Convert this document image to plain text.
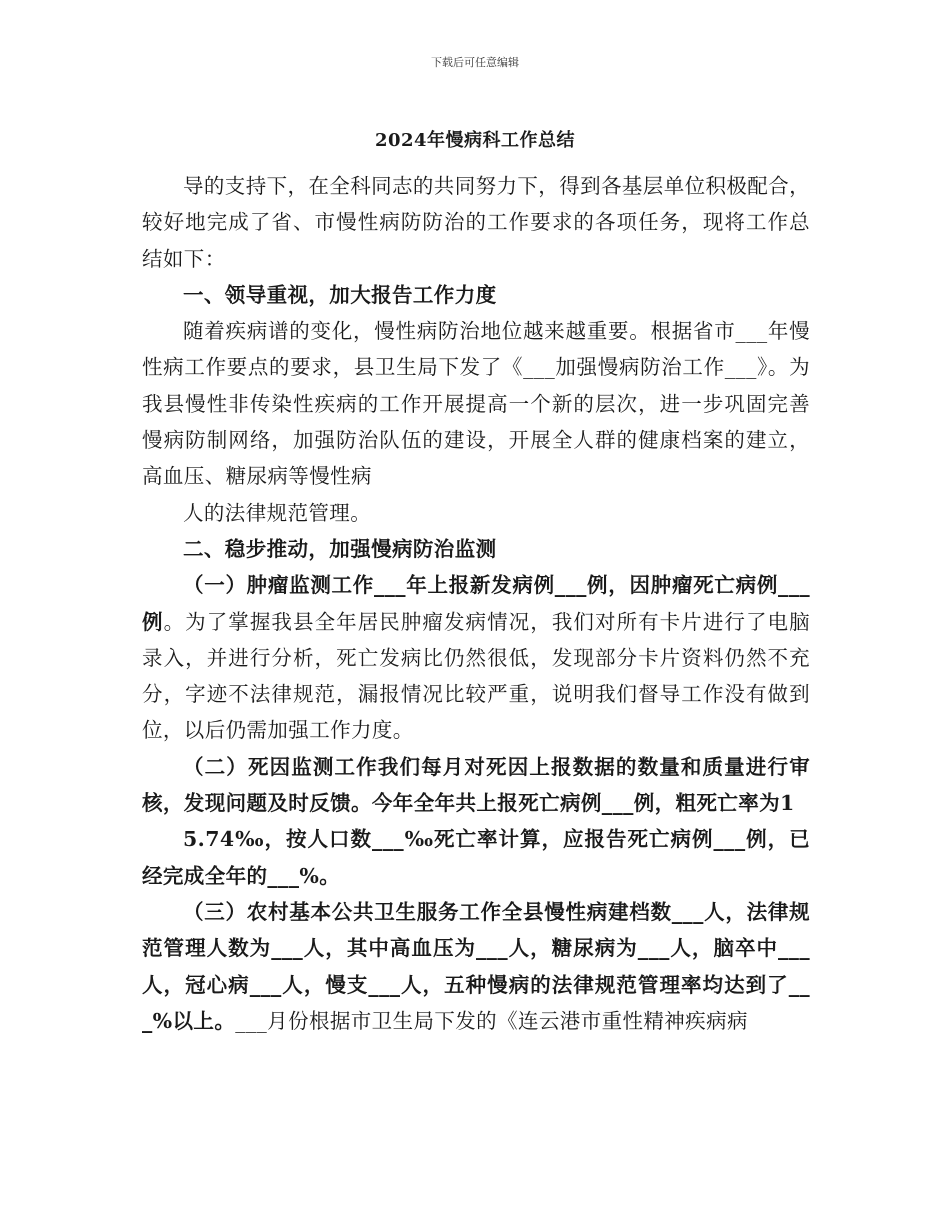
下载后可任意编辑
2024年慢病科工作总结

导的支持下，在全科同志的共同努力下，得到各基层单位积极配合，较好地完成了省、市慢性病防防治的工作要求的各项任务，现将工作总结如下：

一、领导重视，加大报告工作力度

随着疾病谱的变化，慢性病防治地位越来越重要。根据省市___年慢性病工作要点的要求，县卫生局下发了《___加强慢病防治工作___》。为我县慢性非传染性疾病的工作开展提高一个新的层次，进一步巩固完善慢病防制网络，加强防治队伍的建设，开展全人群的健康档案的建立，高血压、糖尿病等慢性病

人的法律规范管理。

二、稳步推动，加强慢病防治监测

（一）肿瘤监测工作___年上报新发病例___例，因肿瘤死亡病例___例。为了掌握我县全年居民肿瘤发病情况，我们对所有卡片进行了电脑录入，并进行分析，死亡发病比仍然很低，发现部分卡片资料仍然不充分，字迹不法律规范，漏报情况比较严重，说明我们督导工作没有做到位，以后仍需加强工作力度。

（二）死因监测工作我们每月对死因上报数据的数量和质量进行审核，发现问题及时反馈。今年全年共上报死亡病例___例，粗死亡率为1

5.74‰，按人口数___‰死亡率计算，应报告死亡病例___例，已经完成全年的___%。

（三）农村基本公共卫生服务工作全县慢性病建档数___人，法律规范管理人数为___人，其中高血压为___人，糖尿病为___人，脑卒中___人，冠心病___人，慢支___人，五种慢病的法律规范管理率均达到了___%以上。___月份根据市卫生局下发的《连云港市重性精神疾病病
